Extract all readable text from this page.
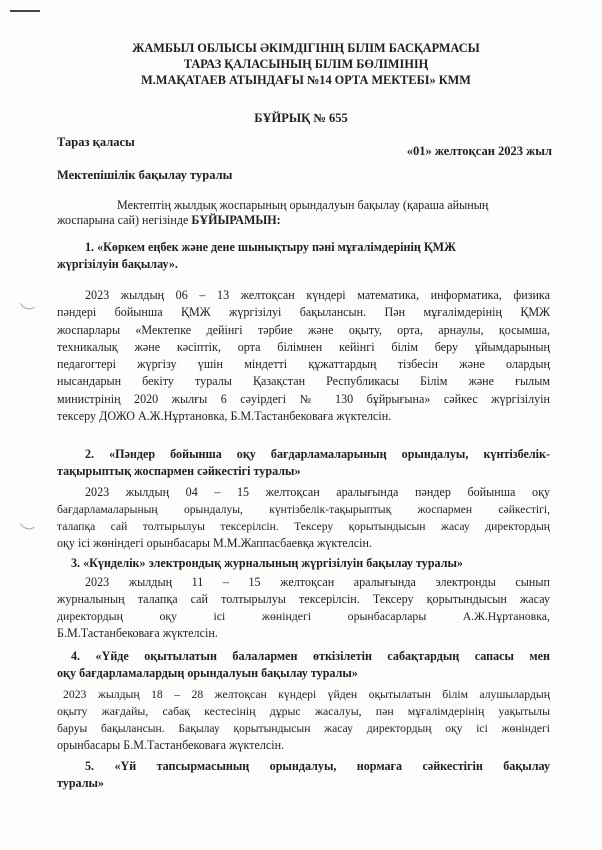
ЖАМБЫЛ ОБЛЫСЫ ӘКІМДІГІНІҢ БІЛІМ БАСҚАРМАСЫ
ТАРАЗ ҚАЛАСЫНЫҢ БІЛІМ БӨЛІМІНІҢ
М.МАҚАТАЕВ АТЫНДАҒЫ №14 ОРТА МЕКТЕБІ» КММ
БҰЙРЫҚ № 655
Тараз қаласы
«01» желтоқсан 2023 жыл
Мектепішілік бақылау туралы
Мектептің жылдық жоспарының орындалуын бақылау (қараша айының
жоспарына сай) негізінде БҰЙЫРАМЫН:
1. «Көркем еңбек және дене шынықтыру пәні мұғалімдерінің ҚМЖ
жүргізілуін бақылау».
2023 жылдың 06 – 13 желтоқсан күндері математика, информатика, физика
пәндері бойынша ҚМЖ жүргізілуі бақылансын. Пән мұғалімдерінің ҚМЖ
жоспарлары «Мектепке дейінгі тәрбие және оқыту, орта, арнаулы, қосымша,
техникалық және кәсіптік, орта білімнен кейінгі білім беру ұйымдарының
педагогтері жүргізу үшін міндетті құжаттардың тізбесін және олардың
нысандарын бекіту туралы Қазақстан Республикасы Білім және ғылым
министрінің 2020 жылғы 6 сәуірдегі № 130 бұйрығына» сәйкес жүргізілуін
тексеру ДОЖО А.Ж.Нұртановка, Б.М.Тастанбековаға жүктелсін.
2. «Пәндер бойынша оқу бағдарламаларының орындалуы, күнтізбелік-
тақырыптық жоспармен сәйкестігі туралы»
2023 жылдың 04 – 15 желтоқсан аралығында пәндер бойынша оқу
бағдарламаларының орындалуы, күнтізбелік-тақырыптық жоспармен сәйкестігі,
талапқа сай толтырылуы тексерілсін. Тексеру қорытындысын жасау директордың
оқу ісі жөніндегі орынбасары М.М.Жаппасбаевқа жүктелсін.
3. «Күнделік» электрондық журналының жүргізілуін бақылау туралы»
2023 жылдың 11 – 15 желтоқсан аралығында электронды сынып
журналының талапқа сай толтырылуы тексерілсін. Тексеру қорытындысын жасау
директордың       оқу       ісі       жөніндегі       орынбасарлары       А.Ж.Нұртановка,
Б.М.Тастанбековаға жүктелсін.
4. «Үйде оқытылатын балалармен өткізілетін сабақтардың сапасы мен
оқу бағдарламалардың орындалуын бақылау туралы»
2023 жылдың 18 – 28 желтоқсан күндері үйден оқытылатын білім алушылардың
оқыту жағдайы, сабақ кестесінің дұрыс жасалуы, пән мұғалімдерінің уақытылы
баруы бақылансын. Бақылау қорытындысын жасау директордың оқу ісі жөніндегі
орынбасары Б.М.Тастанбековаға жүктелсін.
5.  «Үй  тапсырмасының  орындалуы,  нормаға  сәйкестігін  бақылау
туралы»
